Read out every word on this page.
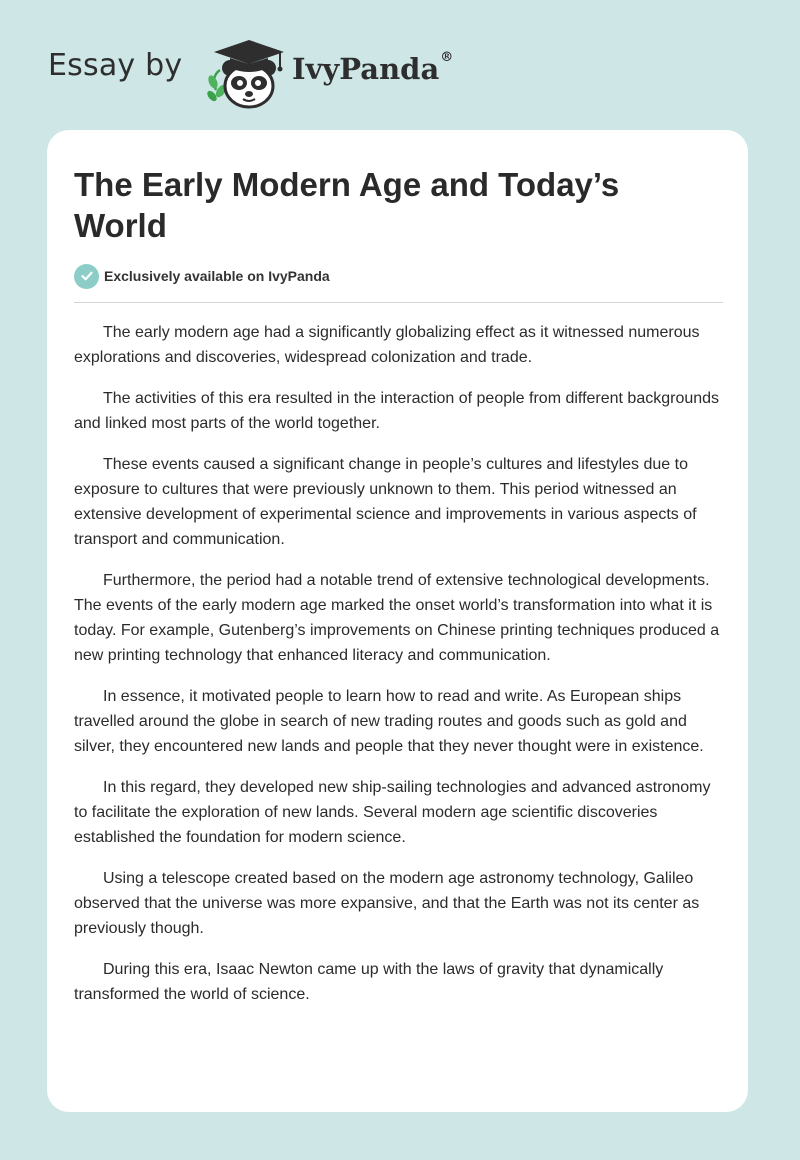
Essay by	IvyPanda®
The Early Modern Age and Today’s World
Exclusively available on IvyPanda

The early modern age had a significantly globalizing effect as it witnessed numerous explorations and discoveries, widespread colonization and trade.

The activities of this era resulted in the interaction of people from different backgrounds and linked most parts of the world together.

These events caused a significant change in people’s cultures and lifestyles due to exposure to cultures that were previously unknown to them. This period witnessed an extensive development of experimental science and improvements in various aspects of transport and communication.

Furthermore, the period had a notable trend of extensive technological developments. The events of the early modern age marked the onset world’s transformation into what it is today. For example, Gutenberg’s improvements on Chinese printing techniques produced a new printing technology that enhanced literacy and communication.

In essence, it motivated people to learn how to read and write. As European ships travelled around the globe in search of new trading routes and goods such as gold and silver, they encountered new lands and people that they never thought were in existence.

In this regard, they developed new ship-sailing technologies and advanced astronomy to facilitate the exploration of new lands. Several modern age scientific discoveries established the foundation for modern science.

Using a telescope created based on the modern age astronomy technology, Galileo observed that the universe was more expansive, and that the Earth was not its center as previously though.

During this era, Isaac Newton came up with the laws of gravity that dynamically transformed the world of science.
